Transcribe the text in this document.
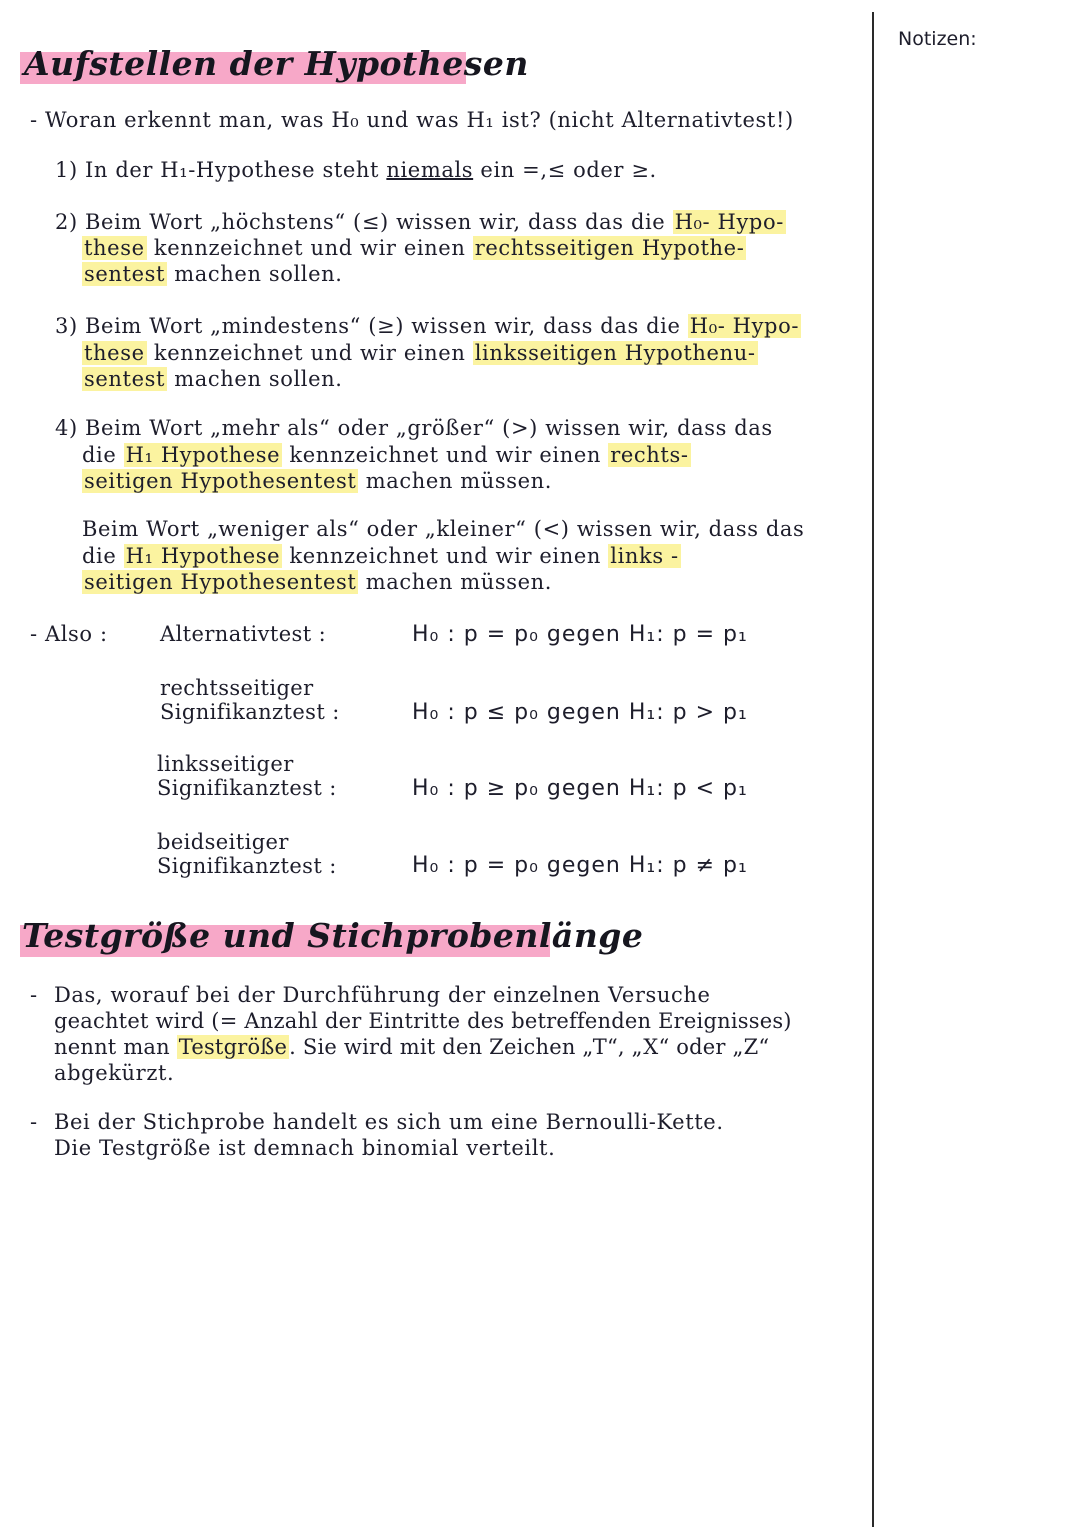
Notizen:
Aufstellen der Hypothesen
- Woran erkennt man, was H₀ und was H₁ ist? (nicht Alternativtest!)
1) In der H₁-Hypothese steht niemals ein =,≤ oder ≥.
2) Beim Wort „höchstens“ (≤) wissen wir, dass das die H₀- Hypo-
these kennzeichnet und wir einen rechtsseitigen Hypothe-
sentest machen sollen.
3) Beim Wort „mindestens“ (≥) wissen wir, dass das die H₀- Hypo-
these kennzeichnet und wir einen linksseitigen Hypothenu-
sentest machen sollen.
4) Beim Wort „mehr als“ oder „größer“ (>) wissen wir, dass das
die H₁ Hypothese kennzeichnet und wir einen rechts-
seitigen Hypothesentest machen müssen.
Beim Wort „weniger als“ oder „kleiner“ (<) wissen wir, dass das
die H₁ Hypothese kennzeichnet und wir einen links -
seitigen Hypothesentest machen müssen.
- Also : Alternativtest :	H₀ : p = p₀ gegen H₁: p = p₁
rechtsseitiger
Signifikanztest :	H₀ : p ≤ p₀ gegen H₁: p > p₁
linksseitiger
Signifikanztest :	H₀ : p ≥ p₀ gegen H₁: p < p₁
beidseitiger
Signifikanztest :	H₀ : p = p₀ gegen H₁: p ≠ p₁
Testgröße und Stichprobenlänge
- Das, worauf bei der Durchführung der einzelnen Versuche
geachtet wird (= Anzahl der Eintritte des betreffenden Ereignisses)
nennt man Testgröße. Sie wird mit den Zeichen „T“, „X“ oder „Z“
abgekürzt.
- Bei der Stichprobe handelt es sich um eine Bernoulli-Kette.
Die Testgröße ist demnach binomial verteilt.
